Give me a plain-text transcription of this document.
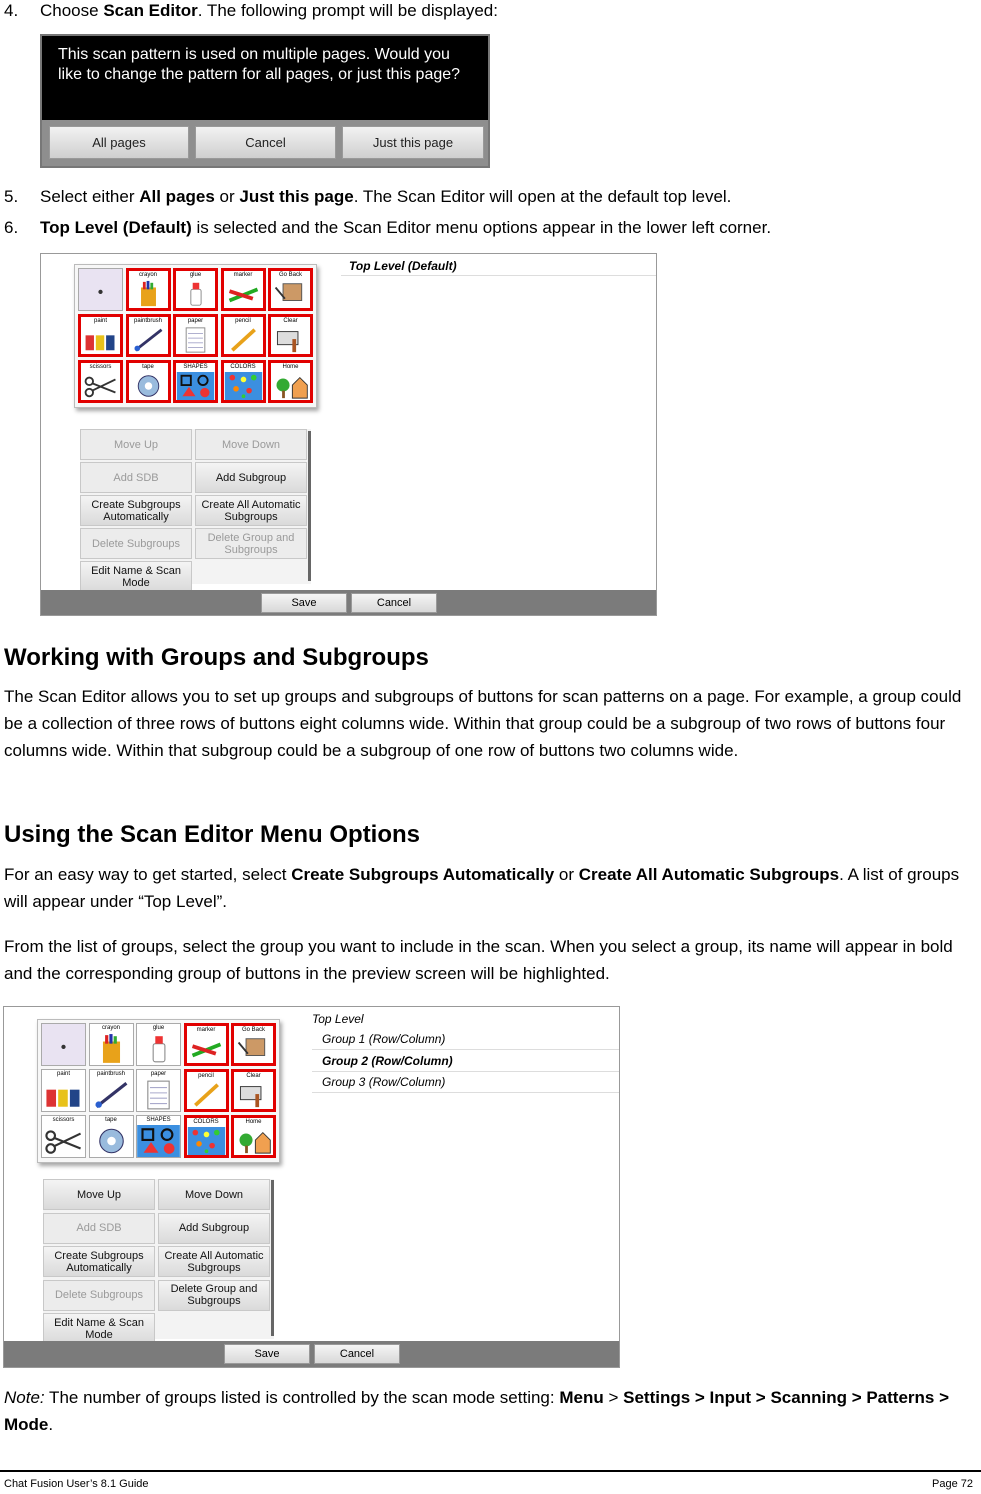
4. Choose Scan Editor. The following prompt will be displayed:
This scan pattern is used on multiple pages. Would you like to change the pattern for all pages, or just this page?
All pages	Cancel	Just this page
5. Select either All pages or Just this page. The Scan Editor will open at the default top level.
6. Top Level (Default) is selected and the Scan Editor menu options appear in the lower left corner.
Top Level (Default)
crayon	glue	marker	Go Back
paint	paintbrush	paper	pencil	Clear
scissors	tape	SHAPES	COLORS	Home
Move Up	Move Down
Add SDB	Add Subgroup
Create Subgroups Automatically
Create All Automatic Subgroups
Delete Subgroups	Delete Group and Subgroups
Edit Name & Scan Mode
Save	Cancel
Working with Groups and Subgroups
The Scan Editor allows you to set up groups and subgroups of buttons for scan patterns on a page. For example, a group could be a collection of three rows of buttons eight columns wide. Within that group could be a subgroup of two rows of buttons four columns wide. Within that subgroup could be a subgroup of one row of buttons two columns wide.
Using the Scan Editor Menu Options
For an easy way to get started, select Create Subgroups Automatically or Create All Automatic Subgroups. A list of groups will appear under “Top Level”.
From the list of groups, select the group you want to include in the scan. When you select a group, its name will appear in bold and the corresponding group of buttons in the preview screen will be highlighted.
Top Level
Group 1 (Row/Column)
Group 2 (Row/Column)
Group 3 (Row/Column)
crayon	glue	marker	Go Back
paint	paintbrush	paper	pencil	Clear
scissors	tape	SHAPES	COLORS	Home
Move Up	Move Down
Add SDB	Add Subgroup
Create Subgroups Automatically
Create All Automatic Subgroups
Delete Subgroups	Delete Group and Subgroups
Edit Name & Scan Mode
Save	Cancel
Note: The number of groups listed is controlled by the scan mode setting: Menu > Settings > Input > Scanning > Patterns > Mode.
Chat Fusion User’s 8.1 Guide	Page 72
